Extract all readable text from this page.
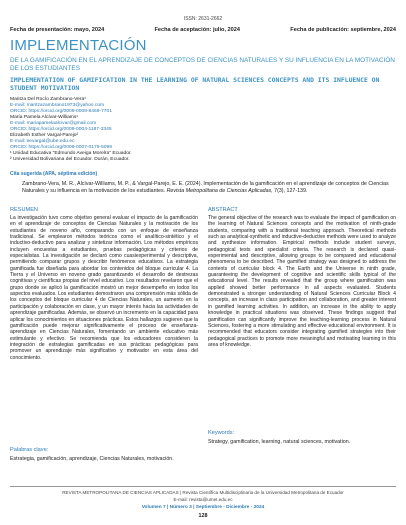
ISSN: 2631-2662
Fecha de presentación: mayo, 2024	Fecha de aceptación: julio, 2024	Fecha de publicación: septiembre, 2024
IMPLEMENTACIÓN
DE LA GAMIFICACIÓN EN EL APRENDIZAJE DE CONCEPTOS DE CIENCIAS NATURALES Y SU INFLUENCIA EN LA MOTIVACIÓN DE LOS ESTUDIANTES
IMPLEMENTATION OF GAMIFICATION IN THE LEARNING OF NATURAL SCIENCES CONCEPTS AND ITS INFLUENCE ON STUDENT MOTIVATION
Maritza Del Rocío Zambrano-Vera¹
E-mail: maritzazambrano1973@yahoo.com
ORCID: https://orcid.org/0009-0008-8469-7701
María Pamela Alcívar-Williams¹
E-mail: mariapamelaalcivar@gmail.com
ORCID: https://orcid.org/0009-0004-1187-3345
Elizabeth Esther Vargal-Parejo²
E-mail: eevargal@ube.edu.ec
ORCID: https://orcid.org/0009-0007-0179-5099
¹ Unidad Educativa "Edmundo Aveiga Morelra" Ecuador.
² Universidad Bolivariana del Ecuador. Durán, Ecuador.
Cita sugerida (APA, séptima edición)
Zambrano-Vera, M. R., Alcívar-Williams, M. P., & Vargal-Parejo, E. E. (2024). Implementación de la gamificación en el aprendizaje de conceptos de Ciencias Naturales y su influencia en la motivación de los estudiantes. Revista Metropolitana de Ciencias Aplicadas, 7(3), 127-139.
RESUMEN
La investigación tuvo como objetivo general evaluar el impacto de la gamificación en el aprendizaje de conceptos de Ciencias Naturales y la motivación de los estudiantes de noveno año, comparando con un enfoque de enseñanza tradicional. Se emplearon métodos teóricos como el analítico-sintético y el inductivo-deductivo para analizar y sintetizar información. Los métodos empíricos incluyen encuestas a estudiantes, pruebas pedagógicas y criterios de especialistas. La investigación se declaró como cuasiexperimental y descriptiva, permitiendo comparar grupos y describir fenómenos educativos. La estrategia gamificada fue diseñada para abordar los contenidos del bloque curricular 4. La Tierra y el Universo en noveno grado garantizando el desarrollo de destrezas cognitivas y científicas propias del nivel educativo. Los resultados revelaron que el grupo donde se aplicó la gamificación mostró un mejor desempeño en todos los aspectos evaluados. Los estudiantes demostraron una comprensión más sólida de los conceptos del bloque curricular 4 de Ciencias Naturales, un aumento en la participación y colaboración en clase, y un mayor interés hacia las actividades de aprendizaje gamificadas. Además, se observó un incremento en la capacidad para aplicar los conocimientos en situaciones prácticas. Estos hallazgos sugieren que la gamificación puede mejorar significativamente el proceso de enseñanza-aprendizaje en Ciencias Naturales, fomentando un ambiente educativo más estimulante y efectivo. Se recomienda que los educadores consideren la integración de estrategias gamificadas en sus prácticas pedagógicas para promover un aprendizaje más significativo y motivador en esta área del conocimiento.
ABSTRACT
The general objective of the research was to evaluate the impact of gamification on the learning of Natural Sciences concepts and the motivation of ninth-grade students, comparing with a traditional teaching approach. Theoretical methods such as analytical-synthetic and inductive-deductive methods were used to analyze and synthesize information. Empirical methods include student surveys, pedagogical tests and specialist criteria. The research is declared quasi-experimental and descriptive, allowing groups to be compared and educational phenomena to be described. The gamified strategy was designed to address the contents of curricular block 4. The Earth and the Universe in ninth grade, guaranteeing the development of cognitive and scientific skills typical of the educational level. The results revealed that the group where gamification was applied showed better performance in all aspects evaluated. Students demonstrated a stronger understanding of Natural Sciences Curricular Block 4 concepts, an increase in class participation and collaboration, and greater interest in gamified learning activities. In addition, an increase in the ability to apply knowledge in practical situations was observed. These findings suggest that gamification can significantly improve the teaching-learning process in Natural Sciences, fostering a more stimulating and effective educational environment. It is recommended that educators consider integrating gamified strategies into their pedagogical practices to promote more meaningful and motivating learning in this area of knowledge.
Palabras clave:
Estrategia, gamificación, aprendizaje, Ciencias Naturales, motivación.
Keywords:
Strategy, gamification, learning, natural sciences, motivation.
REVISTA METROPOLITANA DE CIENCIAS APLICADAS | Revista Científica Multidisciplinaria de la Universidad Metropolitana de Ecuador
E-mail: revista@umet.edu.ec
Volumen 7 | Número 3 | Septiembre - Diciembre - 2024
128
